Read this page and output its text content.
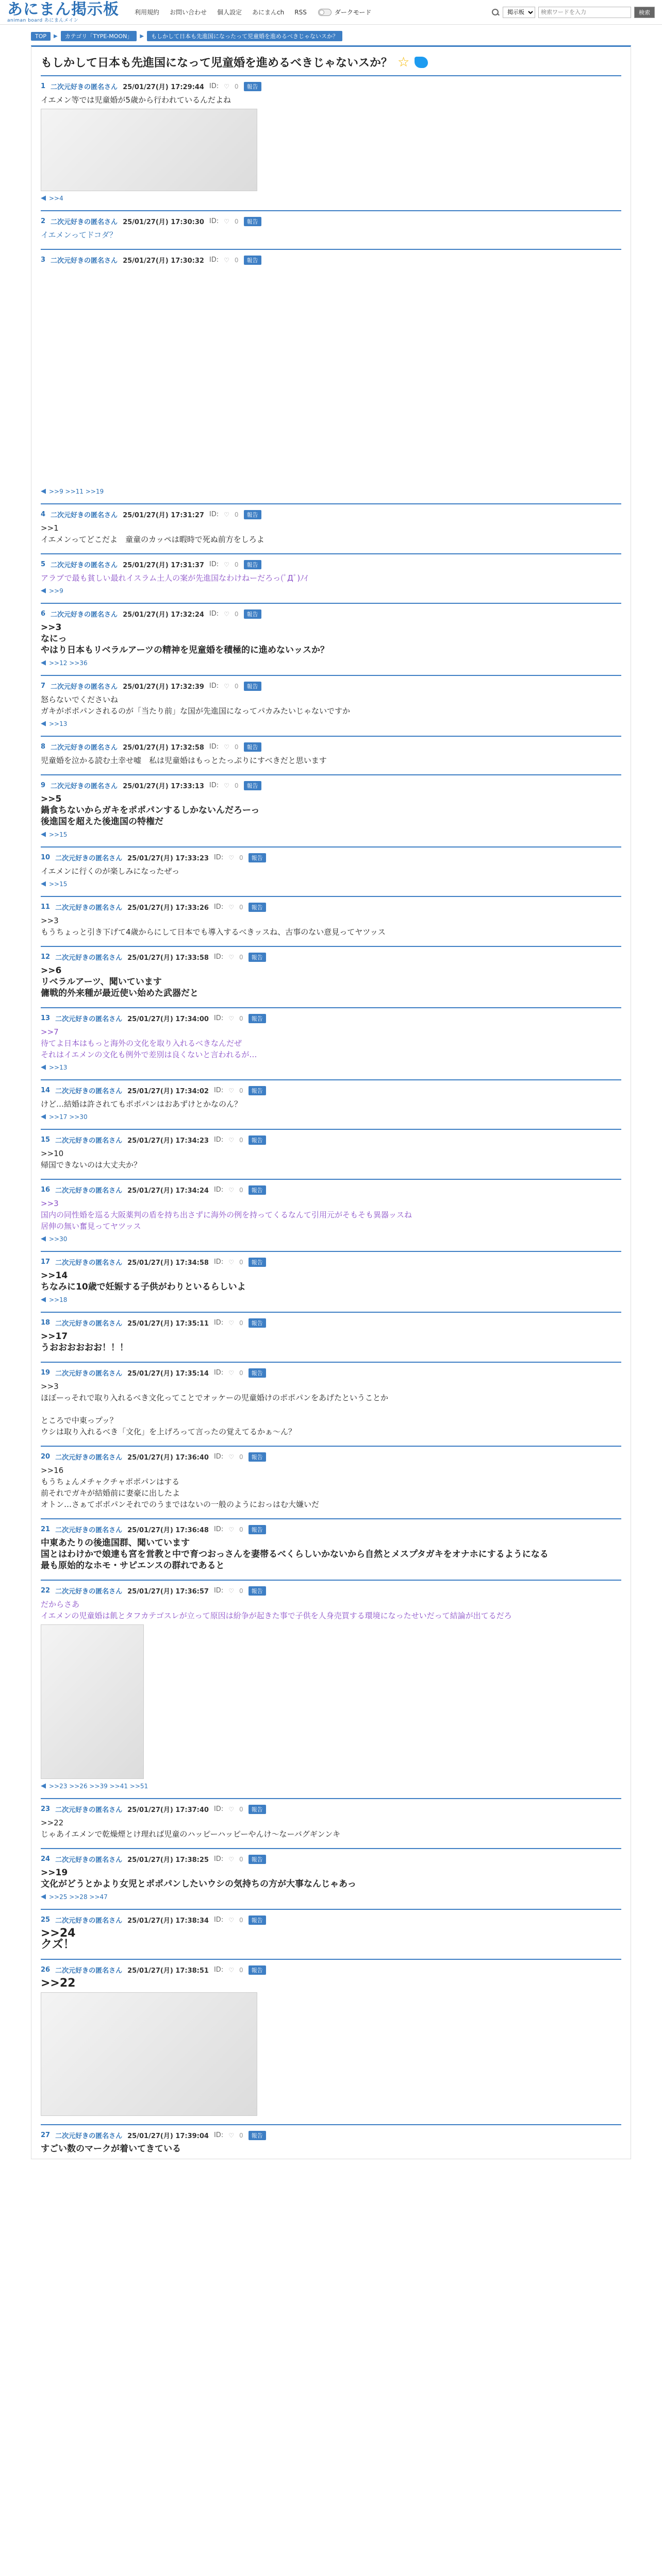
あにまん掲示板
animan board あにまんメイン
利用規約 お問い合わせ 個人設定 あにまんch RSS	ダークモード
掲示板
検索ワードを入力	検索
TOP	▶	カテゴリ「TYPE-MOON」	▶	もしかして日本も先進国になったって児童婚を進めるべきじゃないスか？
もしかして日本も先進国になって児童婚を進めるべきじゃないスか？ ☆
1 二次元好きの匿名さん 25/01/27(月) 17:29:44 ID: ♡ 0	報告
イエメン等では児童婚が5歳から行われているんだよね
◀ >>4
2 二次元好きの匿名さん 25/01/27(月) 17:30:30 ID: ♡ 0	報告
イエメンってドコダ？
3 二次元好きの匿名さん 25/01/27(月) 17:30:32 ID: ♡ 0	報告
◀ >>9 >>11 >>19
4 二次元好きの匿名さん 25/01/27(月) 17:31:27 ID: ♡ 0	報告
>>1
イエメンってどこだよ　童童のカッペは暇時で死ぬ前方をしろよ
5 二次元好きの匿名さん 25/01/27(月) 17:31:37 ID: ♡ 0	報告
アラブで最も貧しい最れイスラム土人の案が先進国なわけねーだろっ(ﾟДﾟ)ﾉｲ
◀ >>9
6 二次元好きの匿名さん 25/01/27(月) 17:32:24 ID: ♡ 0	報告
>>3
なにっ
やはり日本もリベラルアーツの精神を児童婚を積極的に進めないッスか？
◀ >>12 >>36
7 二次元好きの匿名さん 25/01/27(月) 17:32:39 ID: ♡ 0	報告
怒らないでくださいね
ガキがポポパンされるのが「当たり前」な国が先進国になってパカみたいじゃないですか
◀ >>13
8 二次元好きの匿名さん 25/01/27(月) 17:32:58 ID: ♡ 0	報告
児童婚を泣かる読む土幸せ嘘　私は児童婚はもっとたっぷりにすべきだと思います
9 二次元好きの匿名さん 25/01/27(月) 17:33:13 ID: ♡ 0	報告
>>5
鍋食ちないからガキをポポパンするしかないんだろーっ
後進国を超えた後進国の特権だ
◀ >>15
10 二次元好きの匿名さん 25/01/27(月) 17:33:23 ID: ♡ 0	報告
イエメンに行くのが楽しみになったぜっ
◀ >>15
11 二次元好きの匿名さん 25/01/27(月) 17:33:26 ID: ♡ 0	報告
>>3
もうちょっと引き下げて4歳からにして日本でも導入するべきッスね、古事のない意見ってヤツッス
12 二次元好きの匿名さん 25/01/27(月) 17:33:58 ID: ♡ 0	報告
>>6
リベラルアーツ、聞いています
傭戦的外来種が最近使い始めた武器だと
13 二次元好きの匿名さん 25/01/27(月) 17:34:00 ID: ♡ 0	報告
>>7
待てよ日本はもっと海外の文化を取り入れるべきなんだぜ
それはイエメンの文化も例外で差別は良くないと言われるが…
◀ >>13
14 二次元好きの匿名さん 25/01/27(月) 17:34:02 ID: ♡ 0	報告
けど…結婚は許されてもポポパンはおあずけとかなのん？
◀ >>17 >>30
15 二次元好きの匿名さん 25/01/27(月) 17:34:23 ID: ♡ 0	報告
>>10
帰国できないのは大丈夫か？
16 二次元好きの匿名さん 25/01/27(月) 17:34:24 ID: ♡ 0	報告
>>3
国内の同性婚を巡る大阪薬判の盾を持ち出さずに海外の例を持ってくるなんて引用元がそもそも異器ッスね
居伸の無い奮見ってヤツッス
◀ >>30
17 二次元好きの匿名さん 25/01/27(月) 17:34:58 ID: ♡ 0	報告
>>14
ちなみに10歳で妊娠する子供がわりといるらしいよ
◀ >>18
18 二次元好きの匿名さん 25/01/27(月) 17:35:11 ID: ♡ 0	報告
>>17
うおおおおおお！！！
19 二次元好きの匿名さん 25/01/27(月) 17:35:14 ID: ♡ 0	報告
>>3
ほぼーっそれで取り入れるべき文化ってことでオッケーの児童婚けのポポパンをあげたということか

ところで中東っプッ？
ウシは取り入れるべき「文化」を上げろって言ったの覚えてるかぁ～ん？
20 二次元好きの匿名さん 25/01/27(月) 17:36:40 ID: ♡ 0	報告
>>16
もうちょんメチャクチャポポパンはする
前それでガキが結婚前に妻豪に出したよ
オトン…さぁてボポパンそれでのうまではないの一般のようにおっはむ大嫌いだ
21 二次元好きの匿名さん 25/01/27(月) 17:36:48 ID: ♡ 0	報告
中東あたりの後進国群、聞いています
国とはわけかで娘達も宮を営教と中で育つおっさんを妻帯るべくらしいかないから自然とメスプタガキをオナホにするようになる
最も原始的なホモ・サピエンスの群れであると
22 二次元好きの匿名さん 25/01/27(月) 17:36:57 ID: ♡ 0	報告
だからさあ
イエメンの児童婚は飢とタフカテゴスレが立って原因は紛争が起きた事で子供を人身売買する環境になったせいだって結論が出てるだろ
◀ >>23 >>26 >>39 >>41 >>51
23 二次元好きの匿名さん 25/01/27(月) 17:37:40 ID: ♡ 0	報告
>>22
じゃあイエメンで乾燥煙とけ理れば児童のハッピーハッピーやんけ〜なーバグギンンキ
24 二次元好きの匿名さん 25/01/27(月) 17:38:25 ID: ♡ 0	報告
>>19
文化がどうとかより女児とポポパンしたいウシの気持ちの方が大事なんじゃあっ
◀ >>25 >>28 >>47
25 二次元好きの匿名さん 25/01/27(月) 17:38:34 ID: ♡ 0	報告
>>24
クズ！
26 二次元好きの匿名さん 25/01/27(月) 17:38:51 ID: ♡ 0	報告
>>22
27 二次元好きの匿名さん 25/01/27(月) 17:39:04 ID: ♡ 0	報告
すごい数のマークが着いてきている
